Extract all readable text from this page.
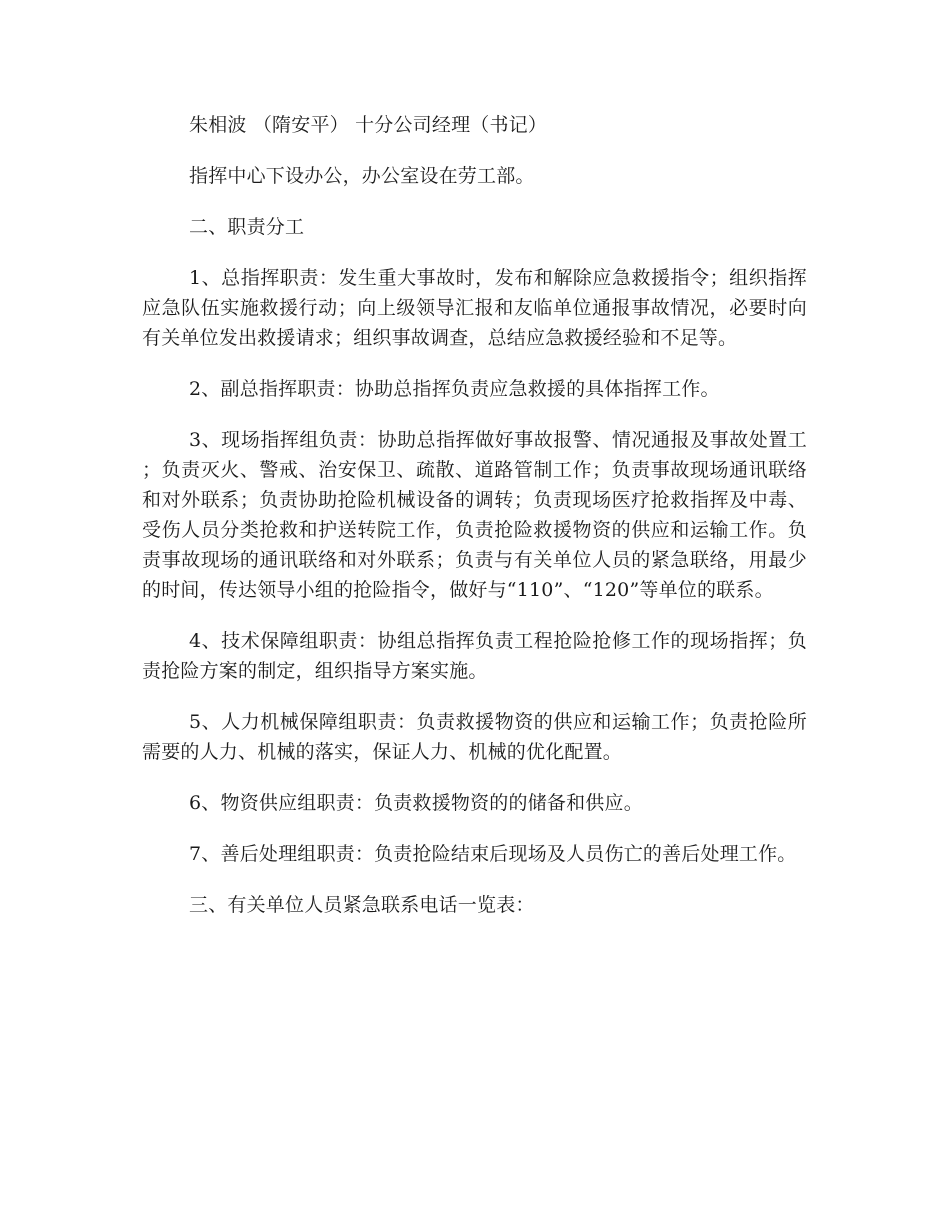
朱相波 （隋安平） 十分公司经理（书记）

指挥中心下设办公，办公室设在劳工部。

二、职责分工

1、总指挥职责：发生重大事故时，发布和解除应急救援指令；组织指挥应急队伍实施救援行动；向上级领导汇报和友临单位通报事故情况，必要时向有关单位发出救援请求；组织事故调查，总结应急救援经验和不足等。

2、副总指挥职责：协助总指挥负责应急救援的具体指挥工作。

3、现场指挥组负责：协助总指挥做好事故报警、情况通报及事故处置工；负责灭火、警戒、治安保卫、疏散、道路管制工作；负责事故现场通讯联络和对外联系；负责协助抢险机械设备的调转；负责现场医疗抢救指挥及中毒、受伤人员分类抢救和护送转院工作，负责抢险救援物资的供应和运输工作。负责事故现场的通讯联络和对外联系；负责与有关单位人员的紧急联络，用最少的时间，传达领导小组的抢险指令，做好与“110”、“120”等单位的联系。

4、技术保障组职责：协组总指挥负责工程抢险抢修工作的现场指挥；负责抢险方案的制定，组织指导方案实施。

5、人力机械保障组职责：负责救援物资的供应和运输工作；负责抢险所需要的人力、机械的落实，保证人力、机械的优化配置。

6、物资供应组职责：负责救援物资的的储备和供应。

7、善后处理组职责：负责抢险结束后现场及人员伤亡的善后处理工作。

三、有关单位人员紧急联系电话一览表：
